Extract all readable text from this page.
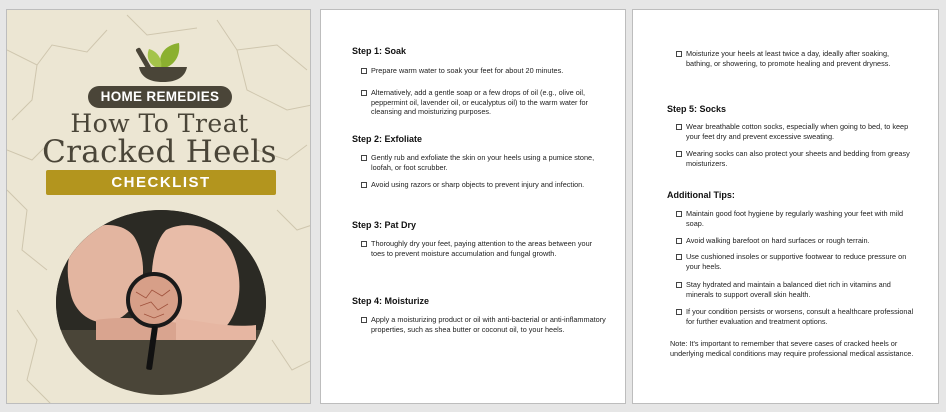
HOME REMEDIES
How To Treat
Cracked Heels
CHECKLIST
Step 1: Soak
Prepare warm water to soak your feet for about 20 minutes.
Alternatively, add a gentle soap or a few drops of oil (e.g., olive oil, peppermint oil, lavender oil, or eucalyptus oil) to the warm water for cleansing and moisturizing purposes.
Step 2: Exfoliate
Gently rub and exfoliate the skin on your heels using a pumice stone, loofah, or foot scrubber.
Avoid using razors or sharp objects to prevent injury and infection.
Step 3: Pat Dry
Thoroughly dry your feet, paying attention to the areas between your toes to prevent moisture accumulation and fungal growth.
Step 4: Moisturize
Apply a moisturizing product or oil with anti-bacterial or anti-inflammatory properties, such as shea butter or coconut oil, to your heels.
Moisturize your heels at least twice a day, ideally after soaking, bathing, or showering, to promote healing and prevent dryness.
Step 5: Socks
Wear breathable cotton socks, especially when going to bed, to keep your feet dry and prevent excessive sweating.
Wearing socks can also protect your sheets and bedding from greasy moisturizers.
Additional Tips:
Maintain good foot hygiene by regularly washing your feet with mild soap.
Avoid walking barefoot on hard surfaces or rough terrain.
Use cushioned insoles or supportive footwear to reduce pressure on your heels.
Stay hydrated and maintain a balanced diet rich in vitamins and minerals to support overall skin health.
If your condition persists or worsens, consult a healthcare professional for further evaluation and treatment options.
Note: It's important to remember that severe cases of cracked heels or underlying medical conditions may require professional medical assistance.
